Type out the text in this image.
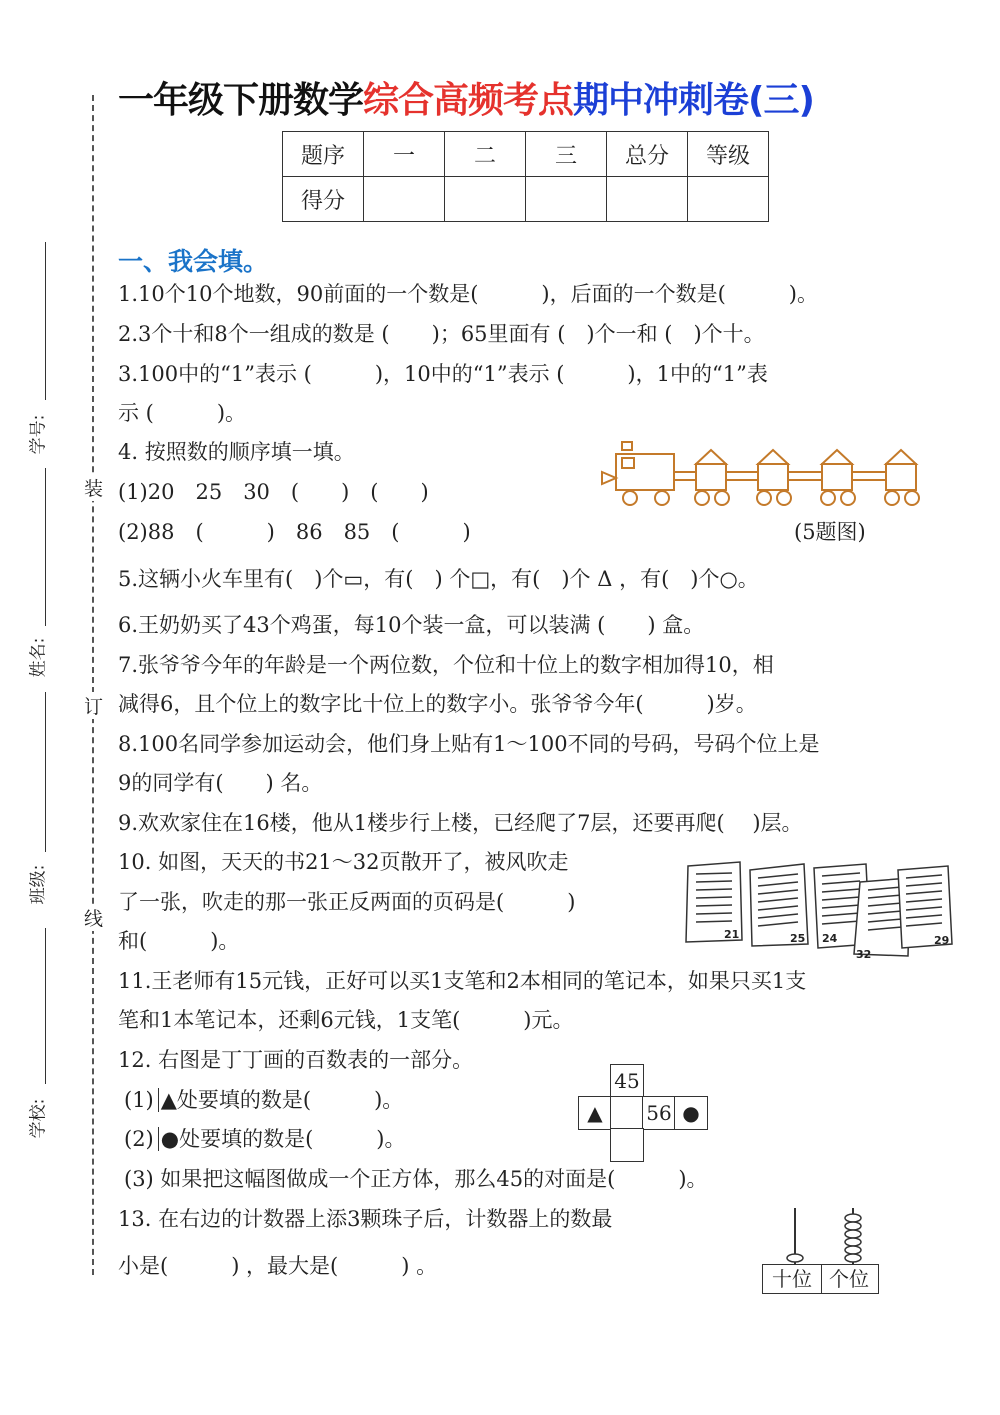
一年级下册数学综合高频考点期中冲刺卷(三)
题序	一	二	三	总分	等级
得分					
装
订
线
学号:
姓名:
班级:
学校:
一、我会填。
1.10个10个地数，90前面的一个数是(　　　)，后面的一个数是(　　　)。
2.3个十和8个一组成的数是 (　　)；65里面有 (　)个一和 (　)个十。
3.100中的“1”表示 (　　　)，10中的“1”表示 (　　　)，1中的“1”表
示 (　　　)。
4. 按照数的顺序填一填。
(1)20　25　30　(　　)　(　　)
(2)88　(　　　)　86　85　(　　　)	(5题图)
5.这辆小火车里有(　)个▭，有(　) 个□，有(　)个 Δ ，有(　)个○。
6.王奶奶买了43个鸡蛋，每10个装一盒，可以装满 (　　) 盒。
7.张爷爷今年的年龄是一个两位数，个位和十位上的数字相加得10，相
减得6，且个位上的数字比十位上的数字小。张爷爷今年(　　　)岁。
8.100名同学参加运动会，他们身上贴有1～100不同的号码，号码个位上是
9的同学有(　　) 名。
9.欢欢家住在16楼，他从1楼步行上楼，已经爬了7层，还要再爬(　 )层。
10. 如图，天天的书21～32页散开了，被风吹走
了一张，吹走的那一张正反两面的页码是(　　　)
和(　　　)。	21	25 24
32
29
11.王老师有15元钱，正好可以买1支笔和2本相同的笔记本，如果只买1支
笔和1本笔记本，还剩6元钱，1支笔(　　　)元。
12. 右图是丁丁画的百数表的一部分。
(1) ▲处要填的数是(　　　)。
(2) ●处要填的数是(　　　)。
45
▲	56 ●
(3) 如果把这幅图做成一个正方体，那么45的对面是(　　　)。
13. 在右边的计数器上添3颗珠子后，计数器上的数最
小是(　　　) ，最大是(　　　) 。
十位 个位
